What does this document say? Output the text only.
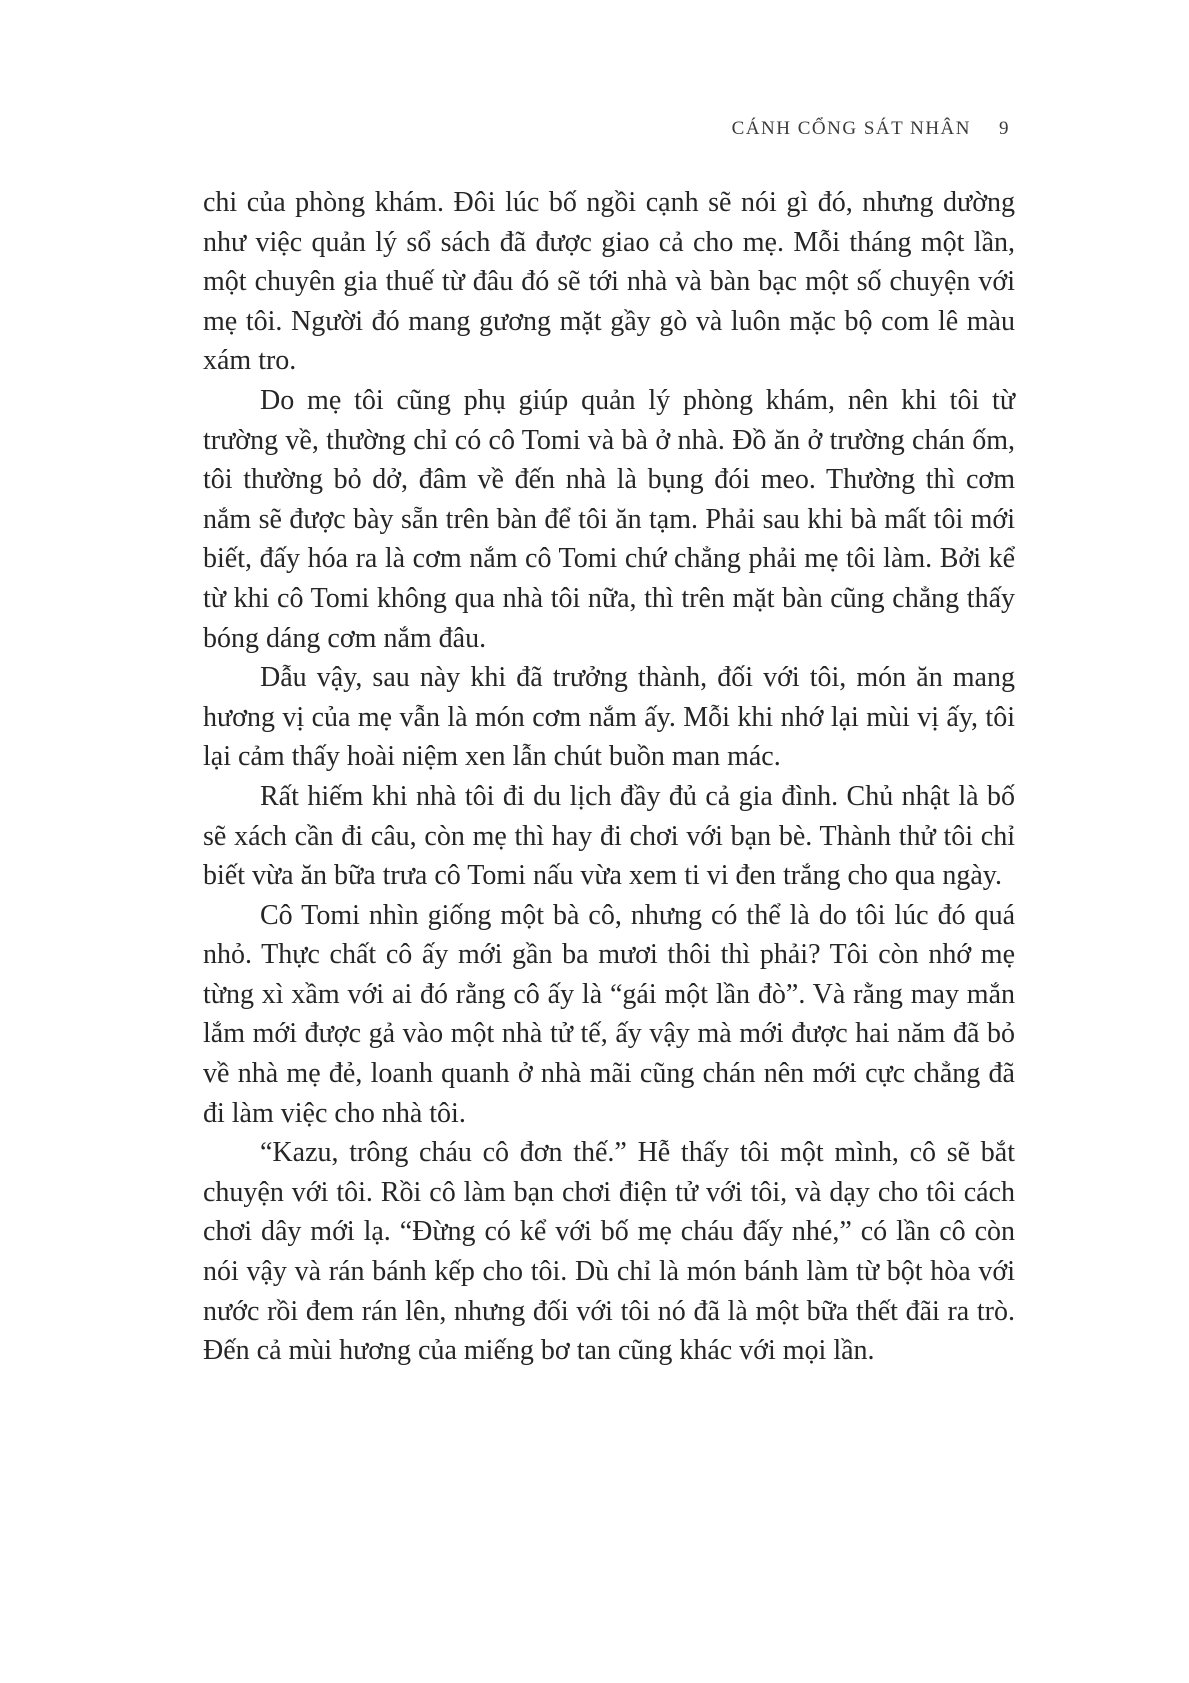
CÁNH CỔNG SÁT NHÂN 9

chi của phòng khám. Đôi lúc bố ngồi cạnh sẽ nói gì đó, nhưng dường như việc quản lý sổ sách đã được giao cả cho mẹ. Mỗi tháng một lần, một chuyên gia thuế từ đâu đó sẽ tới nhà và bàn bạc một số chuyện với mẹ tôi. Người đó mang gương mặt gầy gò và luôn mặc bộ com lê màu xám tro.

Do mẹ tôi cũng phụ giúp quản lý phòng khám, nên khi tôi từ trường về, thường chỉ có cô Tomi và bà ở nhà. Đồ ăn ở trường chán ốm, tôi thường bỏ dở, đâm về đến nhà là bụng đói meo. Thường thì cơm nắm sẽ được bày sẵn trên bàn để tôi ăn tạm. Phải sau khi bà mất tôi mới biết, đấy hóa ra là cơm nắm cô Tomi chứ chẳng phải mẹ tôi làm. Bởi kể từ khi cô Tomi không qua nhà tôi nữa, thì trên mặt bàn cũng chẳng thấy bóng dáng cơm nắm đâu.

Dẫu vậy, sau này khi đã trưởng thành, đối với tôi, món ăn mang hương vị của mẹ vẫn là món cơm nắm ấy. Mỗi khi nhớ lại mùi vị ấy, tôi lại cảm thấy hoài niệm xen lẫn chút buồn man mác.

Rất hiếm khi nhà tôi đi du lịch đầy đủ cả gia đình. Chủ nhật là bố sẽ xách cần đi câu, còn mẹ thì hay đi chơi với bạn bè. Thành thử tôi chỉ biết vừa ăn bữa trưa cô Tomi nấu vừa xem ti vi đen trắng cho qua ngày.

Cô Tomi nhìn giống một bà cô, nhưng có thể là do tôi lúc đó quá nhỏ. Thực chất cô ấy mới gần ba mươi thôi thì phải? Tôi còn nhớ mẹ từng xì xầm với ai đó rằng cô ấy là “gái một lần đò”. Và rằng may mắn lắm mới được gả vào một nhà tử tế, ấy vậy mà mới được hai năm đã bỏ về nhà mẹ đẻ, loanh quanh ở nhà mãi cũng chán nên mới cực chẳng đã đi làm việc cho nhà tôi.

“Kazu, trông cháu cô đơn thế.” Hễ thấy tôi một mình, cô sẽ bắt chuyện với tôi. Rồi cô làm bạn chơi điện tử với tôi, và dạy cho tôi cách chơi dây mới lạ. “Đừng có kể với bố mẹ cháu đấy nhé,” có lần cô còn nói vậy và rán bánh kếp cho tôi. Dù chỉ là món bánh làm từ bột hòa với nước rồi đem rán lên, nhưng đối với tôi nó đã là một bữa thết đãi ra trò. Đến cả mùi hương của miếng bơ tan cũng khác với mọi lần.
